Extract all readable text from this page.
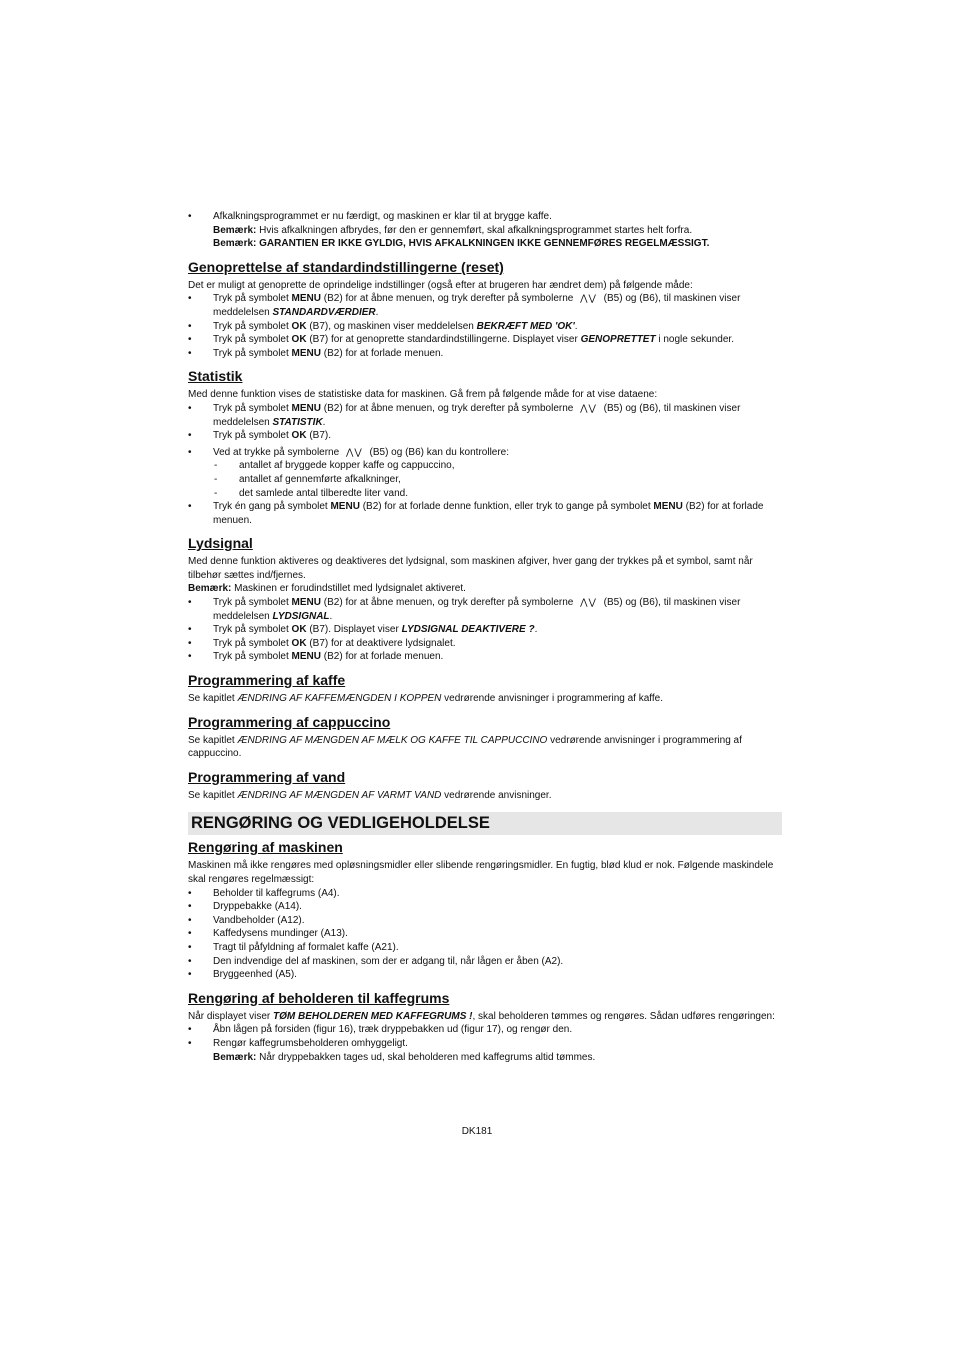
• Afkalkningsprogrammet er nu færdigt, og maskinen er klar til at brygge kaffe.

Bemærk: Hvis afkalkningen afbrydes, før den er gennemført, skal afkalkningsprogrammet startes helt forfra.

Bemærk: GARANTIEN ER IKKE GYLDIG, HVIS AFKALKNINGEN IKKE GENNEMFØRES REGELMÆSSIGT.

Genoprettelse af standardindstillingerne (reset)

Det er muligt at genoprette de oprindelige indstillinger (også efter at brugeren har ændret dem) på følgende måde:

• Tryk på symbolet MENU (B2) for at åbne menuen, og tryk derefter på symbolerne ⋀⋁ (B5) og (B6), til maskinen viser meddelelsen STANDARDVÆRDIER.
• Tryk på symbolet OK (B7), og maskinen viser meddelelsen BEKRÆFT MED 'OK'.
• Tryk på symbolet OK (B7) for at genoprette standardindstillingerne. Displayet viser GENOPRETTET i nogle sekunder.
• Tryk på symbolet MENU (B2) for at forlade menuen.
Statistik

Med denne funktion vises de statistiske data for maskinen. Gå frem på følgende måde for at vise dataene:

• Tryk på symbolet MENU (B2) for at åbne menuen, og tryk derefter på symbolerne ⋀⋁ (B5) og (B6), til maskinen viser meddelelsen STATISTIK.
• Tryk på symbolet OK (B7).
• Ved at trykke på symbolerne ⋀⋁ (B5) og (B6) kan du kontrollere:
- antallet af bryggede kopper kaffe og cappuccino,
- antallet af gennemførte afkalkninger,
- det samlede antal tilberedte liter vand.
• Tryk én gang på symbolet MENU (B2) for at forlade denne funktion, eller tryk to gange på symbolet MENU (B2) for at forlade menuen.
Lydsignal

Med denne funktion aktiveres og deaktiveres det lydsignal, som maskinen afgiver, hver gang der trykkes på et symbol, samt når tilbehør sættes ind/fjernes.

Bemærk: Maskinen er forudindstillet med lydsignalet aktiveret.

• Tryk på symbolet MENU (B2) for at åbne menuen, og tryk derefter på symbolerne ⋀⋁ (B5) og (B6), til maskinen viser meddelelsen LYDSIGNAL.
• Tryk på symbolet OK (B7). Displayet viser LYDSIGNAL DEAKTIVERE ?.
• Tryk på symbolet OK (B7) for at deaktivere lydsignalet.
• Tryk på symbolet MENU (B2) for at forlade menuen.
Programmering af kaffe

Se kapitlet ÆNDRING AF KAFFEMÆNGDEN I KOPPEN vedrørende anvisninger i programmering af kaffe.

Programmering af cappuccino

Se kapitlet ÆNDRING AF MÆNGDEN AF MÆLK OG KAFFE TIL CAPPUCCINO vedrørende anvisninger i programmering af cappuccino.

Programmering af vand

Se kapitlet ÆNDRING AF MÆNGDEN AF VARMT VAND vedrørende anvisninger.

RENGØRING OG VEDLIGEHOLDELSE
Rengøring af maskinen

Maskinen må ikke rengøres med opløsningsmidler eller slibende rengøringsmidler. En fugtig, blød klud er nok. Følgende maskindele skal rengøres regelmæssigt:

• Beholder til kaffegrums (A4).
• Dryppebakke (A14).
• Vandbeholder (A12).
• Kaffedysens mundinger (A13).
• Tragt til påfyldning af formalet kaffe (A21).
• Den indvendige del af maskinen, som der er adgang til, når lågen er åben (A2).
• Bryggeenhed (A5).
Rengøring af beholderen til kaffegrums

Når displayet viser TØM BEHOLDEREN MED KAFFEGRUMS !, skal beholderen tømmes og rengøres. Sådan udføres rengøringen:

• Åbn lågen på forsiden (figur 16), træk dryppebakken ud (figur 17), og rengør den.
• Rengør kaffegrumsbeholderen omhyggeligt.

Bemærk: Når dryppebakken tages ud, skal beholderen med kaffegrums altid tømmes.

DK181
